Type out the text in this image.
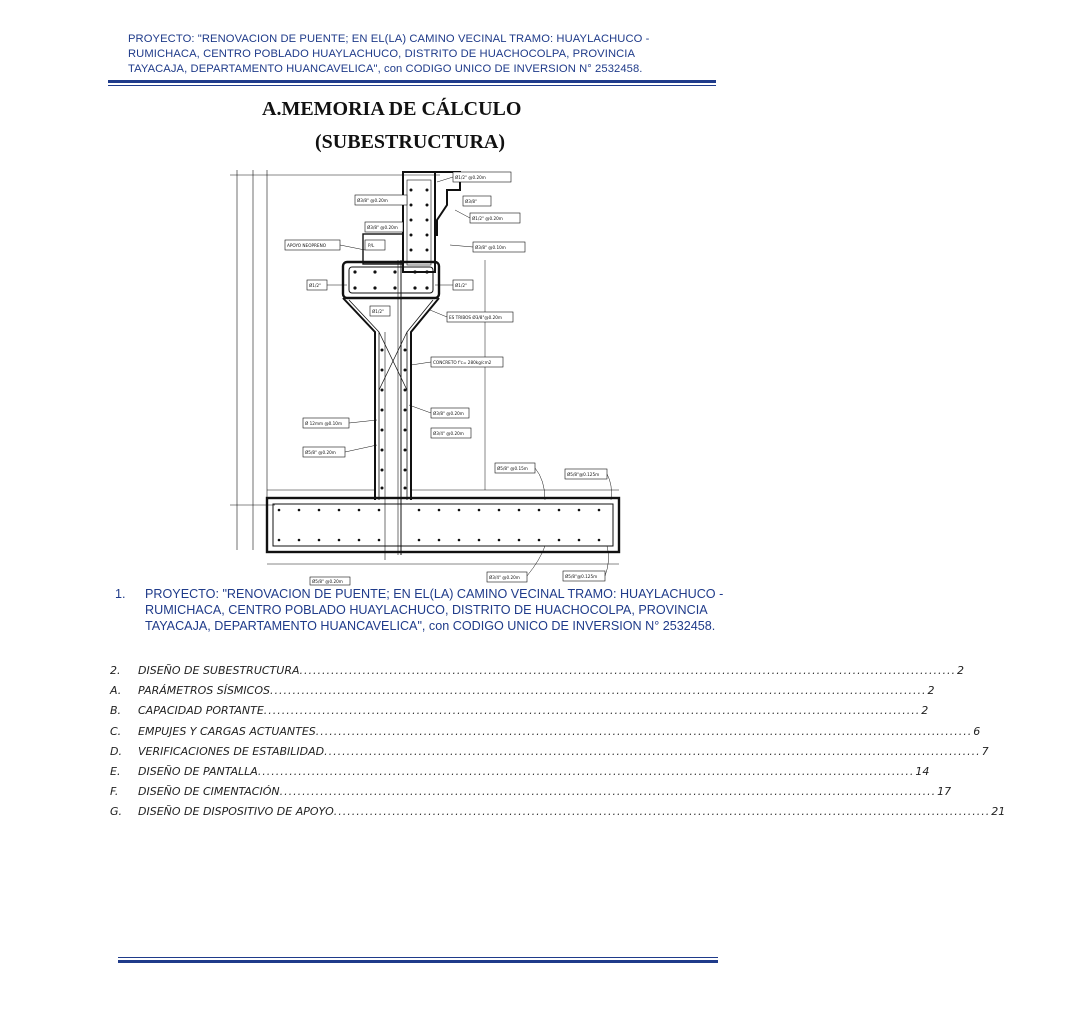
PROYECTO: "RENOVACION DE PUENTE; EN EL(LA) CAMINO VECINAL TRAMO: HUAYLACHUCO -
RUMICHACA, CENTRO POBLADO HUAYLACHUCO, DISTRITO DE HUACHOCOLPA, PROVINCIA
TAYACAJA, DEPARTAMENTO HUANCAVELICA", con CODIGO UNICO DE INVERSION N° 2532458.
A.MEMORIA DE CÁLCULO
(SUBESTRUCTURA)
Ø1/2" @0.20m
Ø3/8"
Ø1/2" @0.20m
Ø3/8" @0.20m
Ø3/8" @0.20m
Ø3/8" @0.10m
APOYO NEOPRENO	P/L
Ø1/2"	Ø1/2"
Ø1/2"
ES TRIBOS Ø3/8"@0.20m
CONCRETO f'c= 280kg/cm2
Ø3/8" @0.20m
Ø3/4" @0.20m
Ø 12mm @0.10m
Ø5/8" @0.20m
Ø5/8" @0.15m
Ø5/8"@0.125m
Ø3/4" @0.20m	Ø5/8"@0.125m
Ø5/8" @0.20m
1. PROYECTO: "RENOVACION DE PUENTE; EN EL(LA) CAMINO VECINAL TRAMO: HUAYLACHUCO -
RUMICHACA, CENTRO POBLADO HUAYLACHUCO, DISTRITO DE HUACHOCOLPA, PROVINCIA
TAYACAJA, DEPARTAMENTO HUANCAVELICA", con CODIGO UNICO DE INVERSION N° 2532458.
2.	DISEÑO DE SUBESTRUCTURA .................................................................................................................................................. 2
A.	PARÁMETROS SÍSMICOS .................................................................................................................................................. 2
B.	CAPACIDAD PORTANTE .................................................................................................................................................. 2
C.	EMPUJES Y CARGAS ACTUANTES .................................................................................................................................................. 6
D.	VERIFICACIONES DE ESTABILIDAD .................................................................................................................................................. 7
E.	DISEÑO DE PANTALLA .................................................................................................................................................. 14
F.	DISEÑO DE CIMENTACIÓN .................................................................................................................................................. 17
G.	DISEÑO DE DISPOSITIVO DE APOYO .................................................................................................................................................. 21
